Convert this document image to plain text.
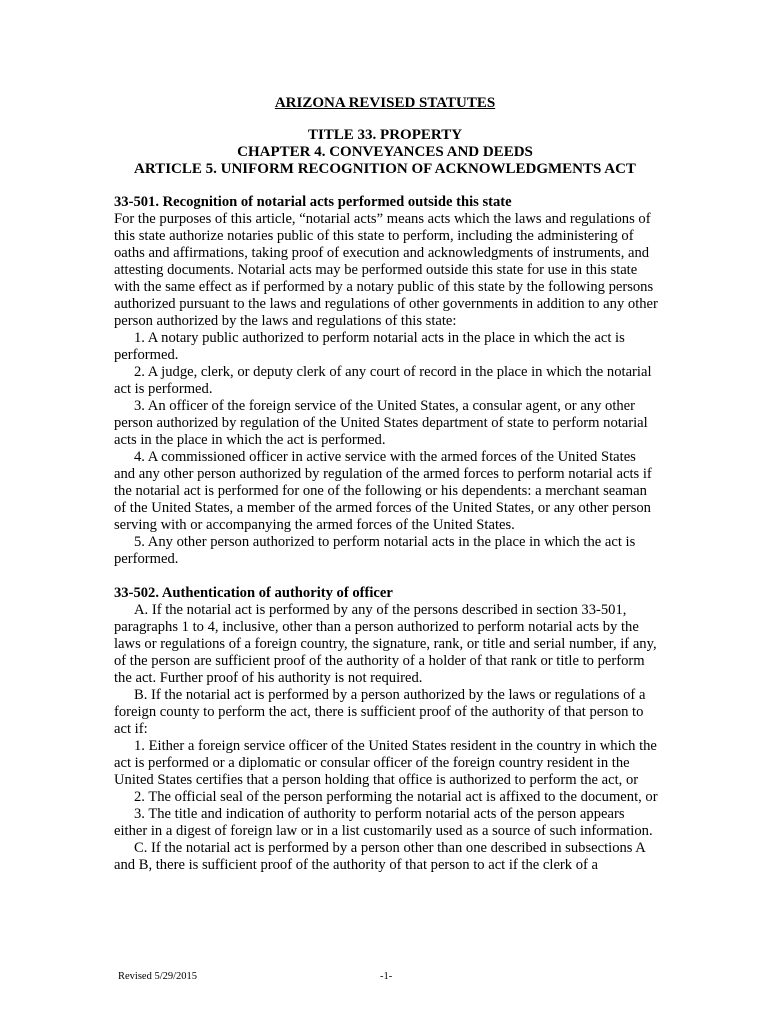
ARIZONA REVISED STATUTES
TITLE 33. PROPERTY
CHAPTER 4. CONVEYANCES AND DEEDS
ARTICLE 5. UNIFORM RECOGNITION OF ACKNOWLEDGMENTS ACT
33-501. Recognition of notarial acts performed outside this state
For the purposes of this article, “notarial acts” means acts which the laws and regulations of this state authorize notaries public of this state to perform, including the administering of oaths and affirmations, taking proof of execution and acknowledgments of instruments, and attesting documents. Notarial acts may be performed outside this state for use in this state with the same effect as if performed by a notary public of this state by the following persons authorized pursuant to the laws and regulations of other governments in addition to any other person authorized by the laws and regulations of this state:
1. A notary public authorized to perform notarial acts in the place in which the act is performed.
2. A judge, clerk, or deputy clerk of any court of record in the place in which the notarial act is performed.
3. An officer of the foreign service of the United States, a consular agent, or any other person authorized by regulation of the United States department of state to perform notarial acts in the place in which the act is performed.
4. A commissioned officer in active service with the armed forces of the United States and any other person authorized by regulation of the armed forces to perform notarial acts if the notarial act is performed for one of the following or his dependents: a merchant seaman of the United States, a member of the armed forces of the United States, or any other person serving with or accompanying the armed forces of the United States.
5. Any other person authorized to perform notarial acts in the place in which the act is performed.
33-502. Authentication of authority of officer
A. If the notarial act is performed by any of the persons described in section 33-501, paragraphs 1 to 4, inclusive, other than a person authorized to perform notarial acts by the laws or regulations of a foreign country, the signature, rank, or title and serial number, if any, of the person are sufficient proof of the authority of a holder of that rank or title to perform the act. Further proof of his authority is not required.
B. If the notarial act is performed by a person authorized by the laws or regulations of a foreign county to perform the act, there is sufficient proof of the authority of that person to act if:
1. Either a foreign service officer of the United States resident in the country in which the act is performed or a diplomatic or consular officer of the foreign country resident in the United States certifies that a person holding that office is authorized to perform the act, or
2. The official seal of the person performing the notarial act is affixed to the document, or
3. The title and indication of authority to perform notarial acts of the person appears either in a digest of foreign law or in a list customarily used as a source of such information.
C. If the notarial act is performed by a person other than one described in subsections A and B, there is sufficient proof of the authority of that person to act if the clerk of a
Revised 5/29/2015	-1-
